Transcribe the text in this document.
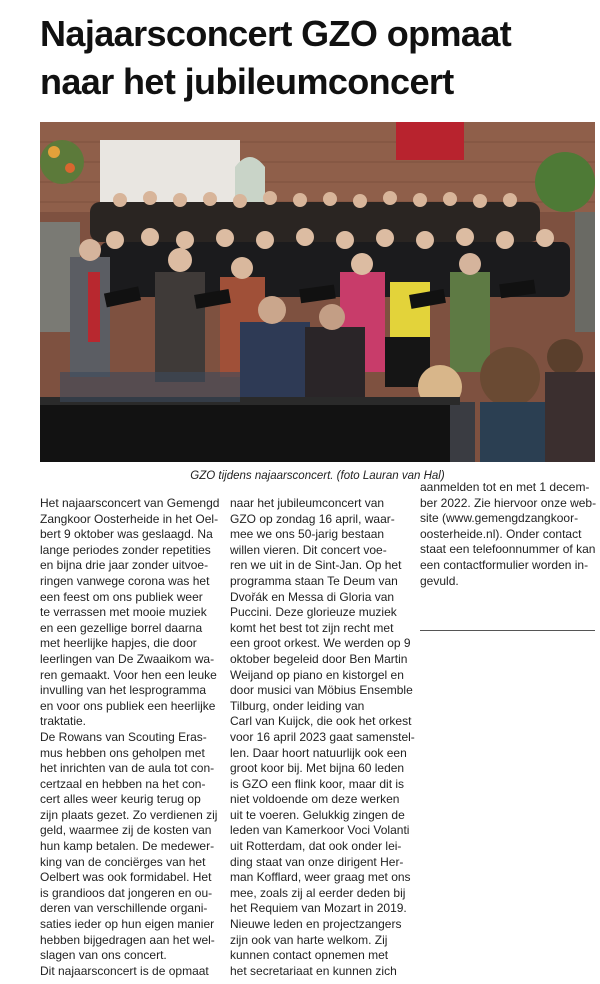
Najaarsconcert GZO opmaat
naar het jubileumconcert
GZO tijdens najaarsconcert. (foto Lauran van Hal)

Het najaarsconcert van Gemengd
Zangkoor Oosterheide in het Oel-
bert 9 oktober was geslaagd. Na
lange periodes zonder repetities
en bijna drie jaar zonder uitvoe-
ringen vanwege corona was het
een feest om ons publiek weer
te verrassen met mooie muziek
en een gezellige borrel daarna
met heerlijke hapjes, die door
leerlingen van De Zwaaikom wa-
ren gemaakt. Voor hen een leuke
invulling van het lesprogramma
en voor ons publiek een heerlijke
traktatie.
De Rowans van Scouting Eras-
mus hebben ons geholpen met
het inrichten van de aula tot con-
certzaal en hebben na het con-
cert alles weer keurig terug op
zijn plaats gezet. Zo verdienen zij
geld, waarmee zij de kosten van
hun kamp betalen. De medewer-
king van de conciërges van het
Oelbert was ook formidabel. Het
is grandioos dat jongeren en ou-
deren van verschillende organi-
saties ieder op hun eigen manier
hebben bijgedragen aan het wel-
slagen van ons concert.
Dit najaarsconcert is de opmaat

naar het jubileumconcert van
GZO op zondag 16 april, waar-
mee we ons 50-jarig bestaan
willen vieren. Dit concert voe-
ren we uit in de Sint-Jan. Op het
programma staan Te Deum van
Dvořák en Messa di Gloria van
Puccini. Deze glorieuze muziek
komt het best tot zijn recht met
een groot orkest. We werden op 9
oktober begeleid door Ben Martin
Weijand op piano en kistorgel en
door musici van Möbius Ensemble
Tilburg, onder leiding van
Carl van Kuijck, die ook het orkest
voor 16 april 2023 gaat samenstel-
len. Daar hoort natuurlijk ook een
groot koor bij. Met bijna 60 leden
is GZO een flink koor, maar dit is
niet voldoende om deze werken
uit te voeren. Gelukkig zingen de
leden van Kamerkoor Voci Volanti
uit Rotterdam, dat ook onder lei-
ding staat van onze dirigent Her-
man Kofflard, weer graag met ons
mee, zoals zij al eerder deden bij
het Requiem van Mozart in 2019.
Nieuwe leden en projectzangers
zijn ook van harte welkom. Zij
kunnen contact opnemen met
het secretariaat en kunnen zich

aanmelden tot en met 1 decem-
ber 2022. Zie hiervoor onze web-
site (www.gemengdzangkoor-
oosterheide.nl). Onder contact
staat een telefoonnummer of kan
een contactformulier worden in-
gevuld.
